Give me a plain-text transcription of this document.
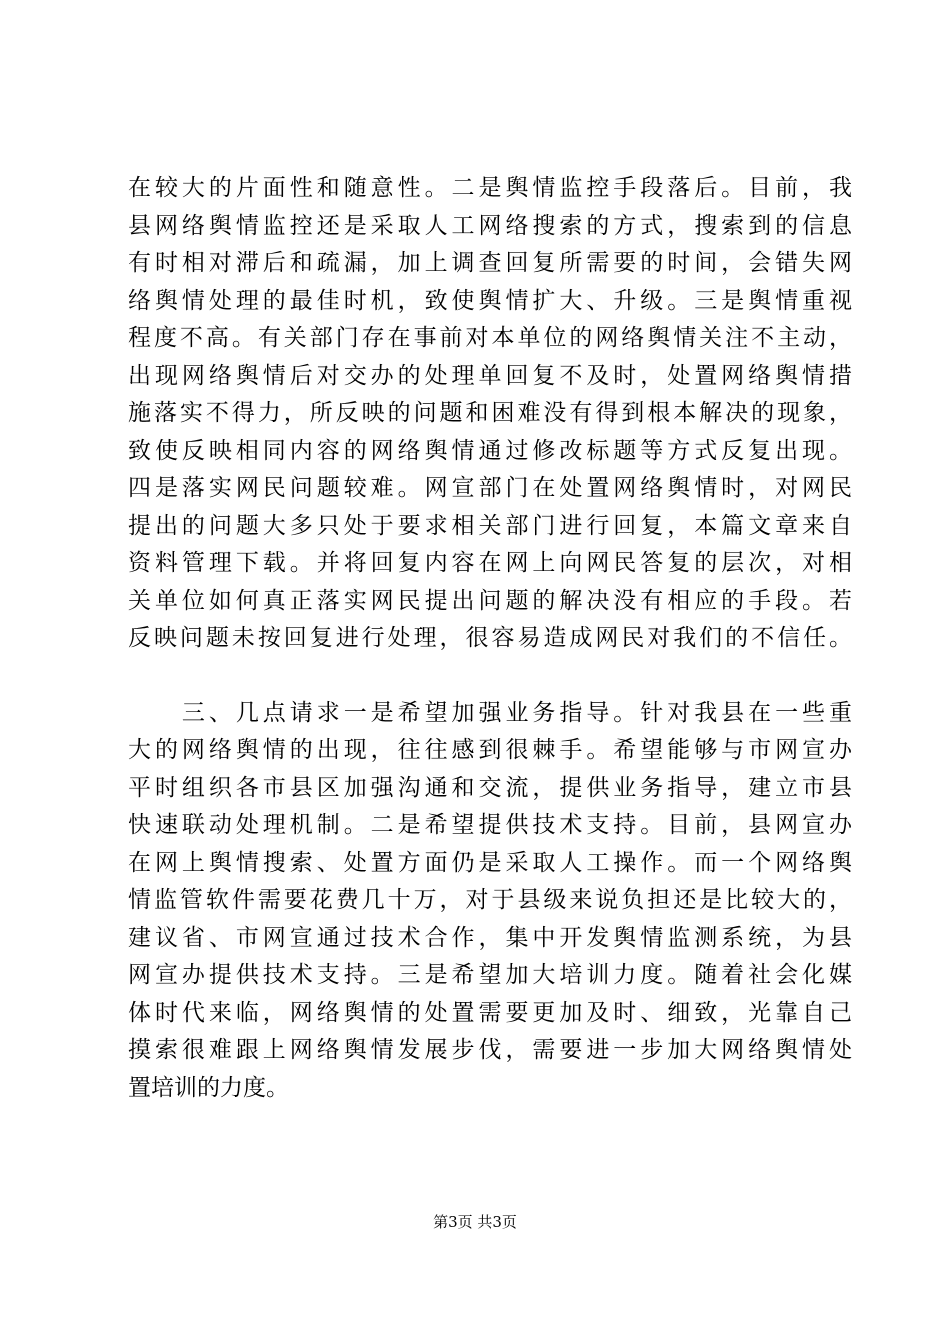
在较大的片面性和随意性。二是舆情监控手段落后。目前，我
县网络舆情监控还是采取人工网络搜索的方式，搜索到的信息
有时相对滞后和疏漏，加上调查回复所需要的时间，会错失网
络舆情处理的最佳时机，致使舆情扩大、升级。三是舆情重视
程度不高。有关部门存在事前对本单位的网络舆情关注不主动，
出现网络舆情后对交办的处理单回复不及时，处置网络舆情措
施落实不得力，所反映的问题和困难没有得到根本解决的现象，
致使反映相同内容的网络舆情通过修改标题等方式反复出现。
四是落实网民问题较难。网宣部门在处置网络舆情时，对网民
提出的问题大多只处于要求相关部门进行回复，本篇文章来自
资料管理下载。并将回复内容在网上向网民答复的层次，对相
关单位如何真正落实网民提出问题的解决没有相应的手段。若
反映问题未按回复进行处理，很容易造成网民对我们的不信任。
　　三、几点请求一是希望加强业务指导。针对我县在一些重
大的网络舆情的出现，往往感到很棘手。希望能够与市网宣办
平时组织各市县区加强沟通和交流，提供业务指导，建立市县
快速联动处理机制。二是希望提供技术支持。目前，县网宣办
在网上舆情搜索、处置方面仍是采取人工操作。而一个网络舆
情监管软件需要花费几十万，对于县级来说负担还是比较大的，
建议省、市网宣通过技术合作，集中开发舆情监测系统，为县
网宣办提供技术支持。三是希望加大培训力度。随着社会化媒
体时代来临，网络舆情的处置需要更加及时、细致，光靠自己
摸索很难跟上网络舆情发展步伐，需要进一步加大网络舆情处
置培训的力度。
第3页 共3页
